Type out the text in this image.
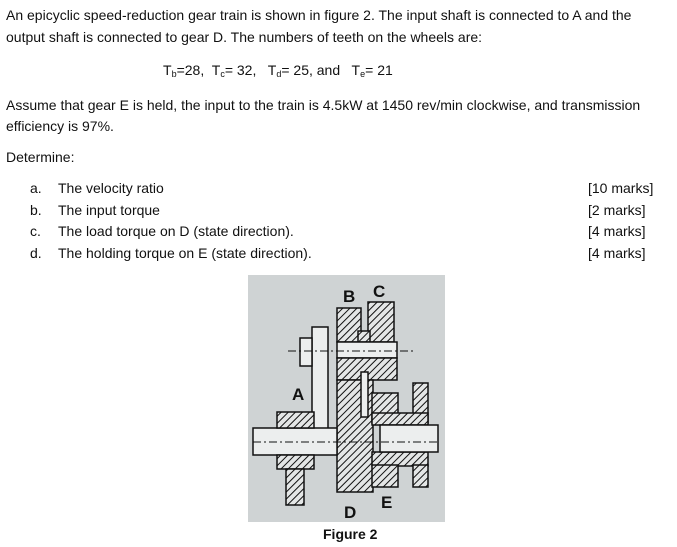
An epicyclic speed-reduction gear train is shown in figure 2. The input shaft is connected to A and the
output shaft is connected to gear D. The numbers of teeth on the wheels are:
$T_b=28$, $T_c= 32$, $T_d= 25$, and $T_e= 21$
Assume that gear E is held, the input to the train is 4.5kW at 1450 rev/min clockwise, and transmission
efficiency is 97%.
Determine:
a. The velocity ratio	[10 marks]
b. The input torque	[2 marks]
c. The load torque on D (state direction).	[4 marks]
d. The holding torque on E (state direction).	[4 marks]
B C
A
D
E
Figure 2
